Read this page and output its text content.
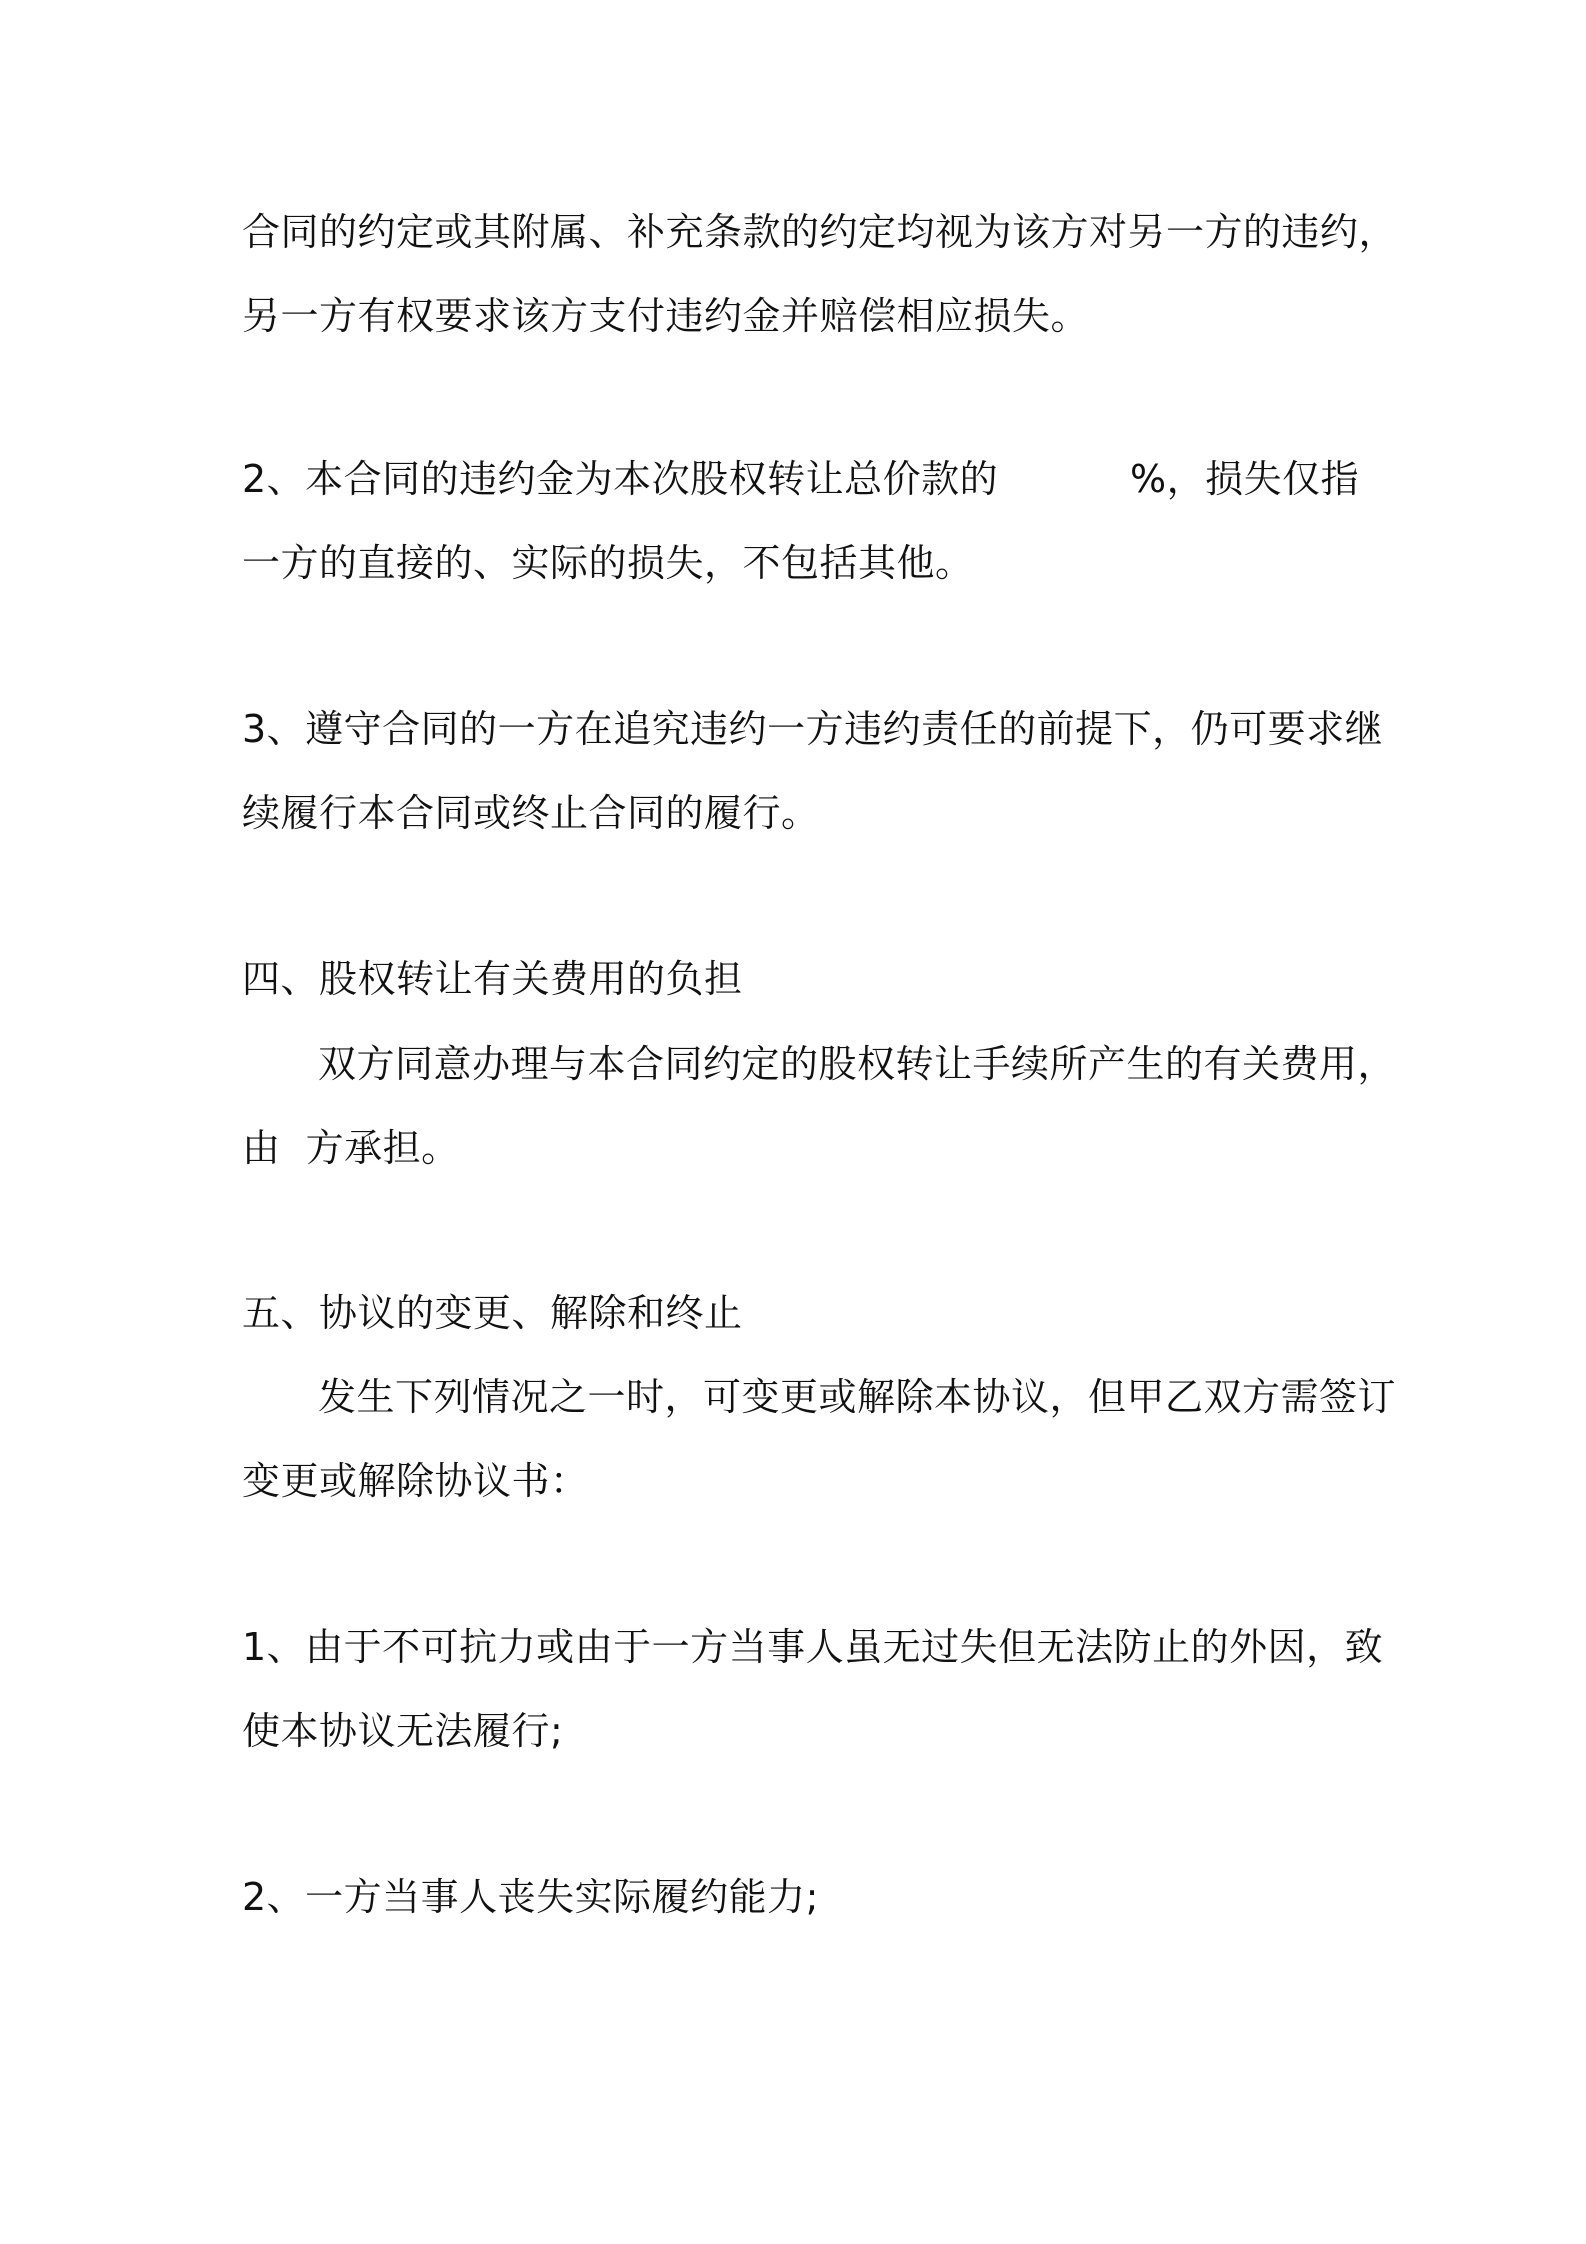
合同的约定或其附属、补充条款的约定均视为该方对另一方的违约，
另一方有权要求该方支付违约金并赔偿相应损失。
2、本合同的违约金为本次股权转让总价款的	%，损失仅指
一方的直接的、实际的损失，不包括其他。
3、遵守合同的一方在追究违约一方违约责任的前提下，仍可要求继
续履行本合同或终止合同的履行。
四、股权转让有关费用的负担
双方同意办理与本合同约定的股权转让手续所产生的有关费用，
由  方承担。
五、协议的变更、解除和终止
发生下列情况之一时，可变更或解除本协议，但甲乙双方需签订
变更或解除协议书：
1、由于不可抗力或由于一方当事人虽无过失但无法防止的外因，致
使本协议无法履行;
2、一方当事人丧失实际履约能力;
